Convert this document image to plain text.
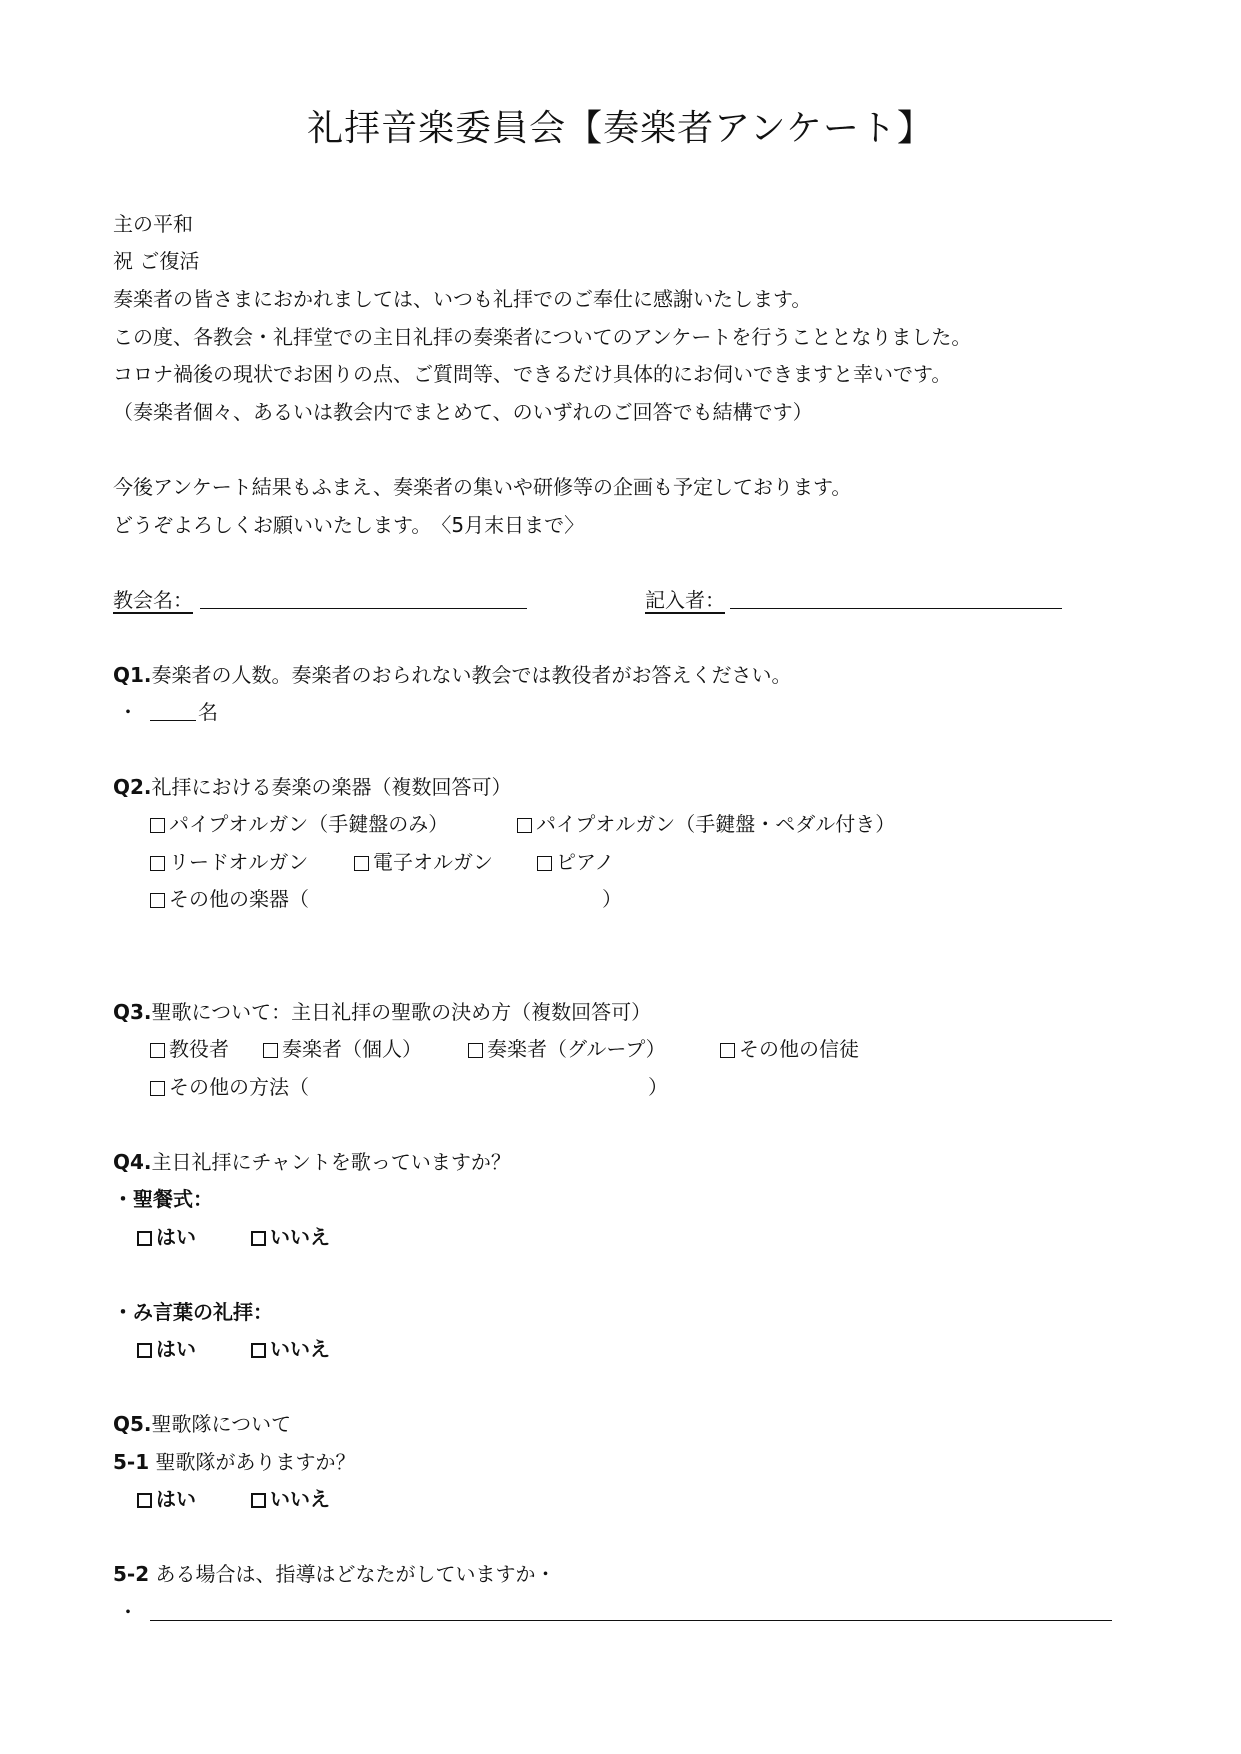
礼拝音楽委員会【奏楽者アンケート】
主の平和
祝 ご復活
奏楽者の皆さまにおかれましては、いつも礼拝でのご奉仕に感謝いたします。
この度、各教会・礼拝堂での主日礼拝の奏楽者についてのアンケートを行うこととなりました。
コロナ禍後の現状でお困りの点、ご質問等、できるだけ具体的にお伺いできますと幸いです。
（奏楽者個々、あるいは教会内でまとめて、のいずれのご回答でも結構です）
今後アンケート結果もふまえ、奏楽者の集いや研修等の企画も予定しております。
どうぞよろしくお願いいたします。　〈5月末日まで〉
教会名：	記入者：
Q1.奏楽者の人数。奏楽者のおられない教会では教役者がお答えください。
・	名
Q2.礼拝における奏楽の楽器（複数回答可）
パイプオルガン（手鍵盤のみ）	パイプオルガン（手鍵盤・ペダル付き）
リードオルガン	電子オルガン	ピアノ
その他の楽器（	）
Q3.聖歌について：主日礼拝の聖歌の決め方（複数回答可）
教役者	奏楽者（個人）	奏楽者（グループ）	その他の信徒
その他の方法（	）
Q4.主日礼拝にチャントを歌っていますか？
・聖餐式：
はい	いいえ
・み言葉の礼拝：
はい	いいえ
Q5.聖歌隊について
5-1 聖歌隊がありますか？
はい	いいえ
5-2 ある場合は、指導はどなたがしていますか・
・
